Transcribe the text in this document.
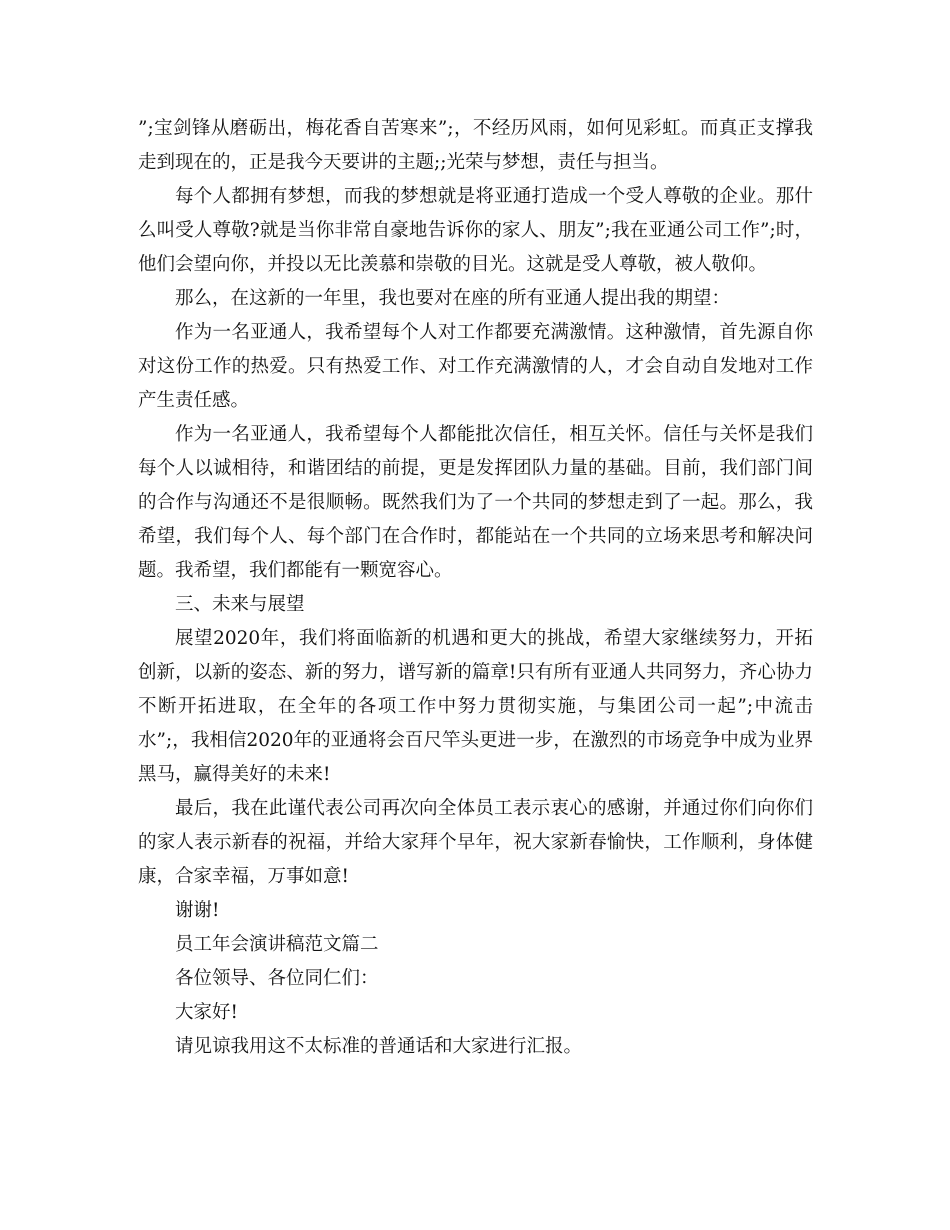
”;宝剑锋从磨砺出，梅花香自苦寒来”;，不经历风雨，如何见彩虹。而真正支撑我走到现在的，正是我今天要讲的主题;;光荣与梦想，责任与担当。

每个人都拥有梦想，而我的梦想就是将亚通打造成一个受人尊敬的企业。那什么叫受人尊敬?就是当你非常自豪地告诉你的家人、朋友”;我在亚通公司工作”;时，他们会望向你，并投以无比羡慕和崇敬的目光。这就是受人尊敬，被人敬仰。

那么，在这新的一年里，我也要对在座的所有亚通人提出我的期望：

作为一名亚通人，我希望每个人对工作都要充满激情。这种激情，首先源自你对这份工作的热爱。只有热爱工作、对工作充满激情的人，才会自动自发地对工作产生责任感。

作为一名亚通人，我希望每个人都能批次信任，相互关怀。信任与关怀是我们每个人以诚相待，和谐团结的前提，更是发挥团队力量的基础。目前，我们部门间的合作与沟通还不是很顺畅。既然我们为了一个共同的梦想走到了一起。那么，我希望，我们每个人、每个部门在合作时，都能站在一个共同的立场来思考和解决问题。我希望，我们都能有一颗宽容心。

三、未来与展望

展望2020年，我们将面临新的机遇和更大的挑战，希望大家继续努力，开拓创新，以新的姿态、新的努力，谱写新的篇章!只有所有亚通人共同努力，齐心协力不断开拓进取，在全年的各项工作中努力贯彻实施，与集团公司一起”;中流击水”;，我相信2020年的亚通将会百尺竿头更进一步，在激烈的市场竞争中成为业界黑马，赢得美好的未来!

最后，我在此谨代表公司再次向全体员工表示衷心的感谢，并通过你们向你们的家人表示新春的祝福，并给大家拜个早年，祝大家新春愉快，工作顺利，身体健康，合家幸福，万事如意!

谢谢!

员工年会演讲稿范文篇二

各位领导、各位同仁们：

大家好!

请见谅我用这不太标准的普通话和大家进行汇报。
